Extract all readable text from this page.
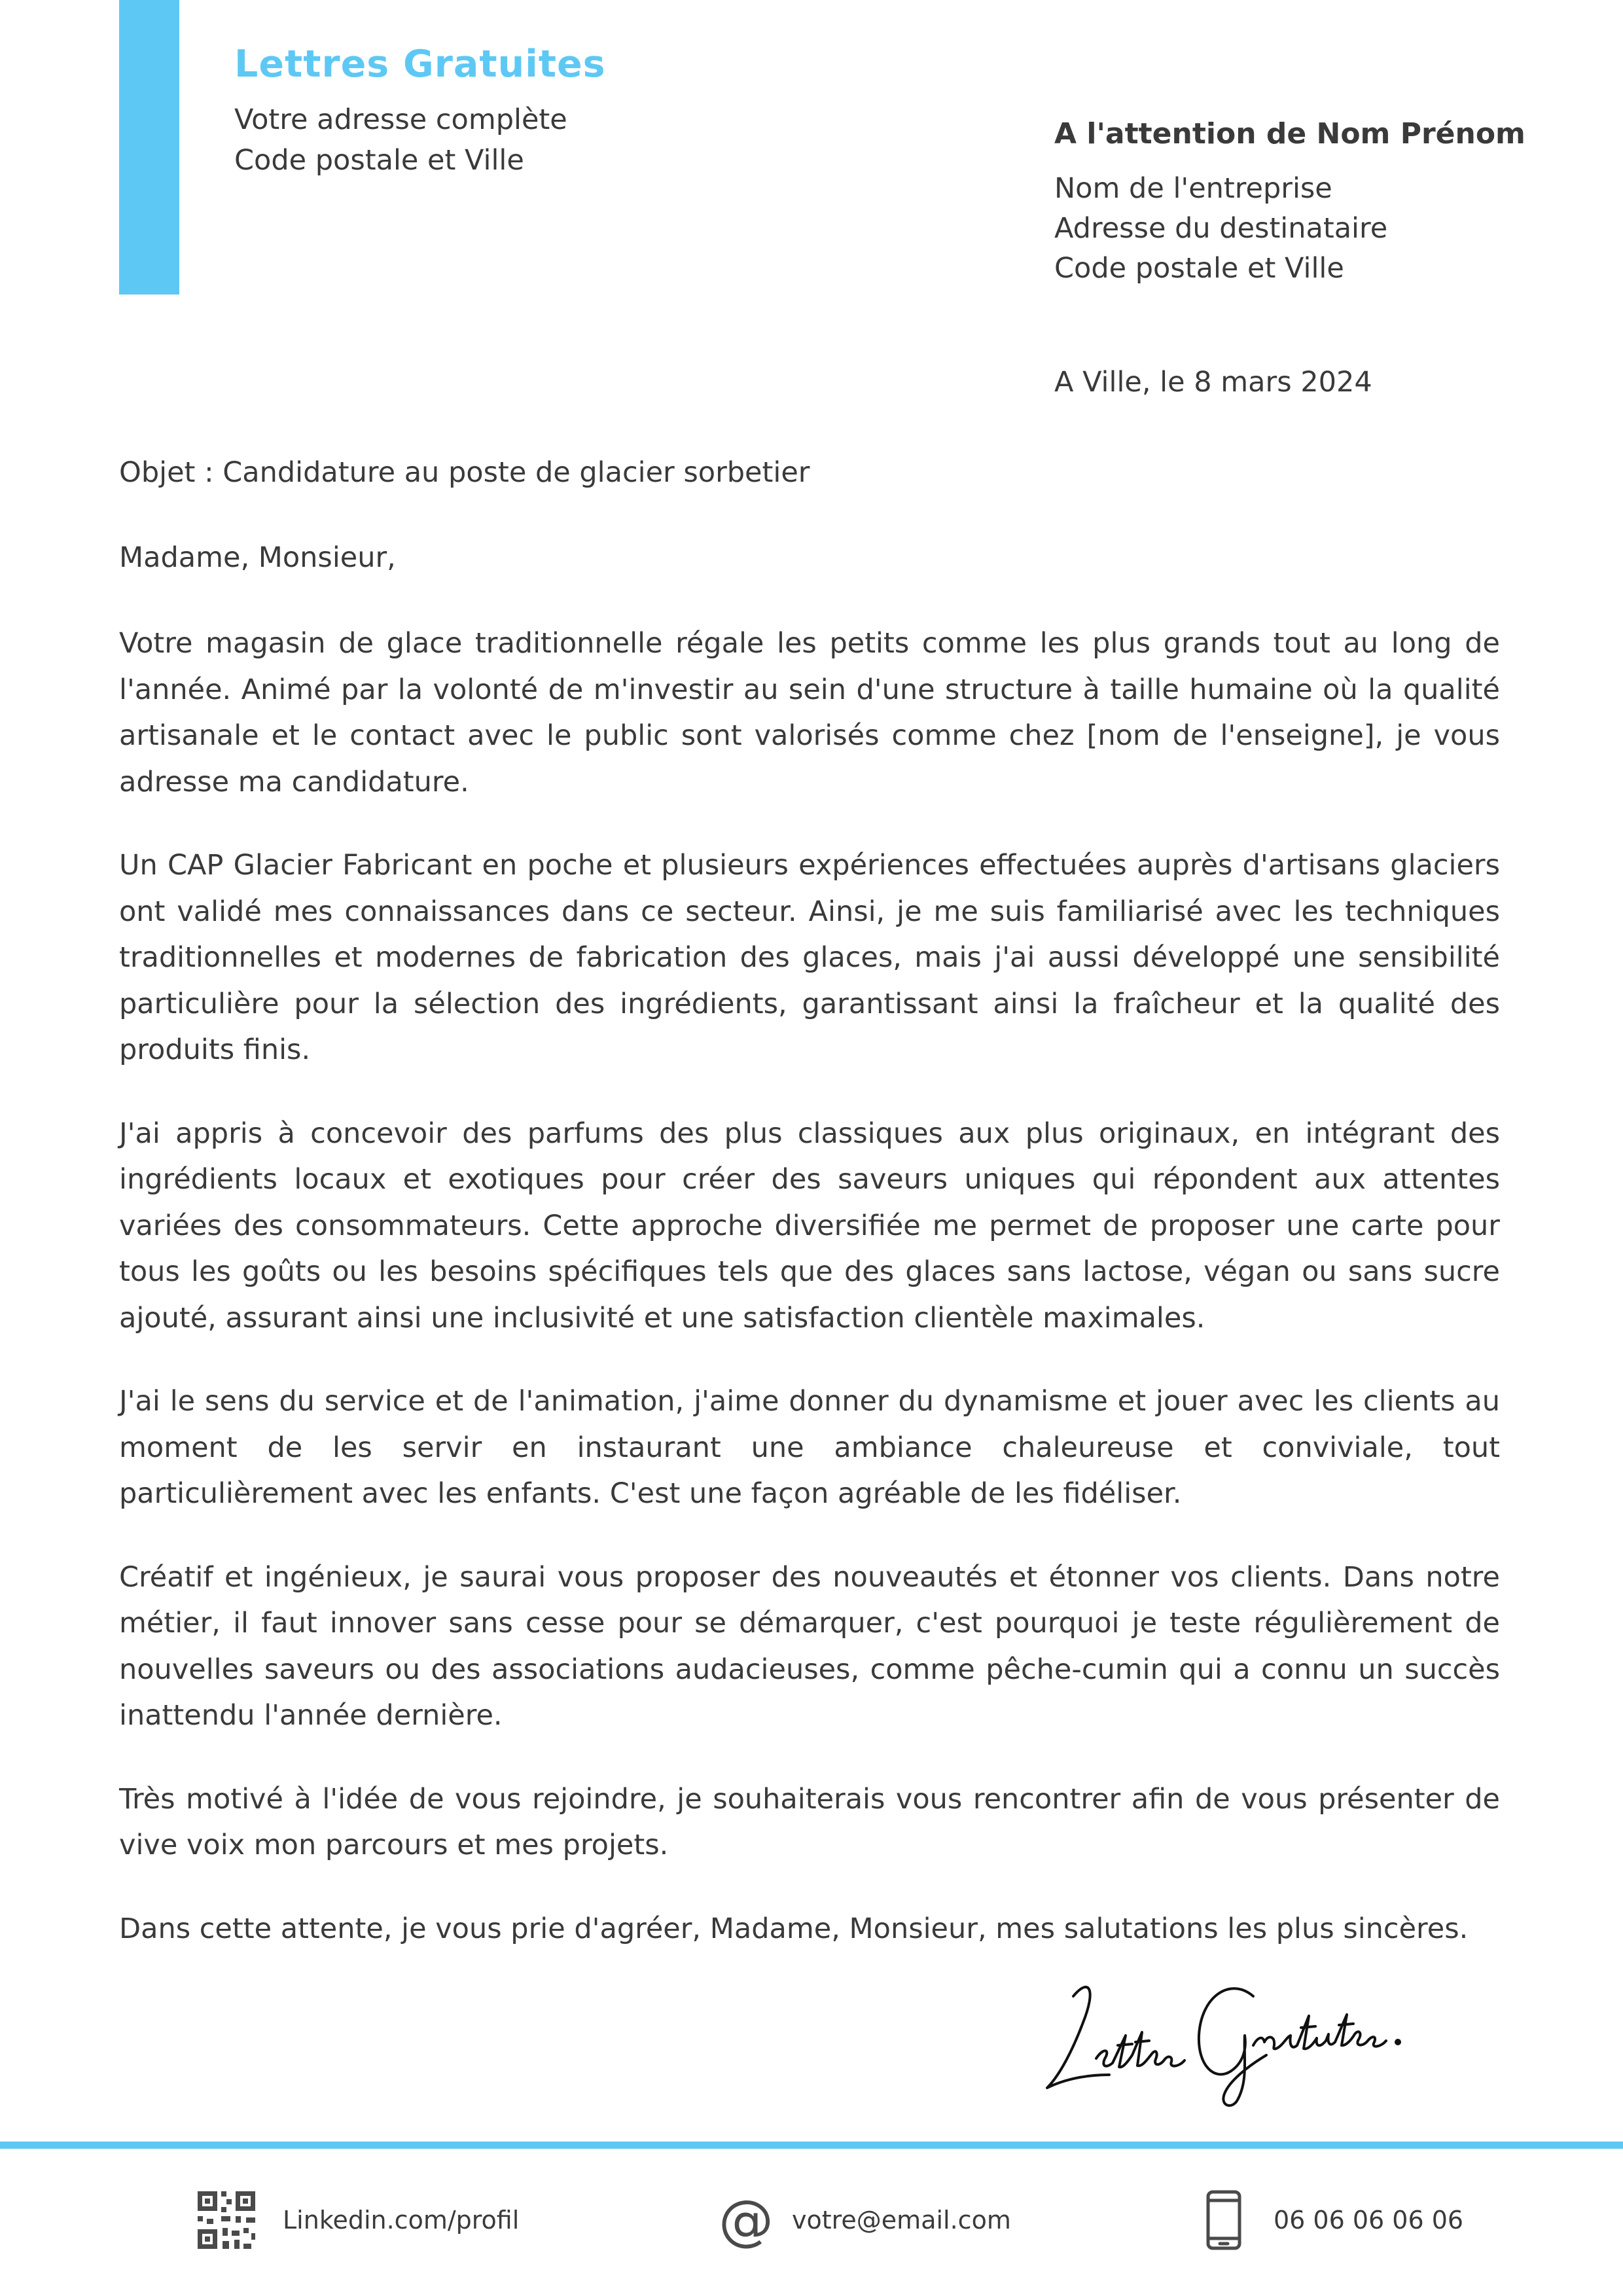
Lettres Gratuites
Votre adresse complète
Code postale et Ville
A l'attention de Nom Prénom
Nom de l'entreprise
Adresse du destinataire
Code postale et Ville
A Ville, le 8 mars 2024
Objet : Candidature au poste de glacier sorbetier
Madame, Monsieur,

Votre magasin de glace traditionnelle régale les petits comme les plus grands tout au long de l'année. Animé par la volonté de m'investir au sein d'une structure à taille humaine où la qualité artisanale et le contact avec le public sont valorisés comme chez [nom de l'enseigne], je vous adresse ma candidature.

Un CAP Glacier Fabricant en poche et plusieurs expériences effectuées auprès d'artisans glaciers ont validé mes connaissances dans ce secteur. Ainsi, je me suis familiarisé avec les techniques traditionnelles et modernes de fabrication des glaces, mais j'ai aussi développé une sensibilité particulière pour la sélection des ingrédients, garantissant ainsi la fraîcheur et la qualité des produits finis.

J'ai appris à concevoir des parfums des plus classiques aux plus originaux, en intégrant des ingrédients locaux et exotiques pour créer des saveurs uniques qui répondent aux attentes variées des consommateurs. Cette approche diversifiée me permet de proposer une carte pour tous les goûts ou les besoins spécifiques tels que des glaces sans lactose, végan ou sans sucre ajouté, assurant ainsi une inclusivité et une satisfaction clientèle maximales.

J'ai le sens du service et de l'animation, j'aime donner du dynamisme et jouer avec les clients au moment de les servir en instaurant une ambiance chaleureuse et conviviale, tout particulièrement avec les enfants. C'est une façon agréable de les fidéliser.

Créatif et ingénieux, je saurai vous proposer des nouveautés et étonner vos clients. Dans notre métier, il faut innover sans cesse pour se démarquer, c'est pourquoi je teste régulièrement de nouvelles saveurs ou des associations audacieuses, comme pêche-cumin qui a connu un succès inattendu l'année dernière.

Très motivé à l'idée de vous rejoindre, je souhaiterais vous rencontrer afin de vous présenter de vive voix mon parcours et mes projets.

Dans cette attente, je vous prie d'agréer, Madame, Monsieur, mes salutations les plus sincères.

Linkedin.com/profil	@ votre@email.com	06 06 06 06 06
